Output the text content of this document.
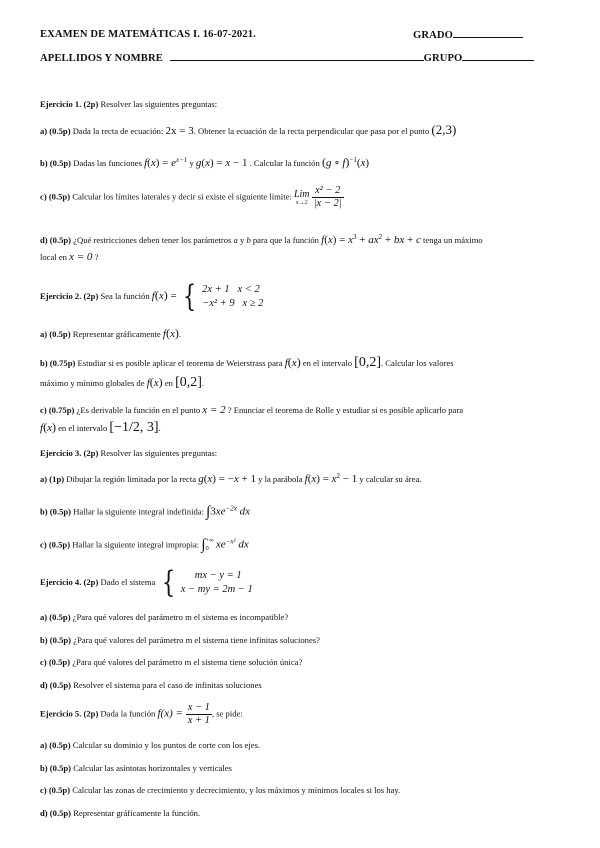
EXAMEN DE MATEMÁTICAS I. 16-07-2021.	GRADO
APELLIDOS Y NOMBRE	GRUPO
Ejercicio 1. (2p) Resolver las siguientes preguntas:
a) (0.5p) Dada la recta de ecuación: 2x = 3. Obtener la ecuación de la recta perpendicular que pasa por el punto (2,3)
b) (0.5p) Dadas las funciones $f(x) = e^{x-1}$ y g(x) = x − 1 . Calcular la función (g ∘ f)$^{-1}$(x)
c) (0.5p) Calcular los límites laterales y decir si existe el siguiente límite: Lim
x→2
$\frac{\text{x² − 2}}{|x - 2|}$
d) (0.5p) ¿Qué restricciones deben tener los parámetros a y b para que la función $f(x) = x^3 + ax^2$ + bx + c tenga un máximo
local en x = 0 ?
Ejercicio 2. (2p) Sea la función f(x) = { 2x + 1 x < 2
−x² + 9 x ≥ 2
a) (0.5p) Representar gráficamente f(x).
b) (0.75p) Estudiar si es posible aplicar el teorema de Weierstrass para f(x) en el intervalo [0,2]. Calcular los valores
máximo y mínimo globales de f(x) en [0,2].
c) (0.75p) ¿Es derivable la función en el punto x = 2 ? Enunciar el teorema de Rolle y estudiar si es posible aplicarlo para
f(x) en el intervalo [−1/2, 3].
Ejercicio 3. (2p) Resolver las siguientes preguntas:
a) (1p) Dibujar la región limitada por la recta g(x) = −x + 1 y la parábola $f(x) = x^2 - 1$ y calcular su área.
b) (0.5p) Hallar la siguiente integral indefinida: $\int 3xe^{-2x}$ dx
c) (0.5p) Hallar la siguiente integral impropia: ∫ +∞
0 $xe^{-x^2}$ dx
Ejercicio 4. (2p) Dado el sistema {	mx − y = 1
x − my = 2m − 1
a) (0.5p) ¿Para qué valores del parámetro m el sistema es incompatible?
b) (0.5p) ¿Para qué valores del parámetro m el sistema tiene infinitas soluciones?
c) (0.5p) ¿Para qué valores del parámetro m el sistema tiene solución única?
d) (0.5p) Resolver el sistema para el caso de infinitas soluciones
Ejercicio 5. (2p) Dada la función $f(x) = \frac{x - 1}{x + 1}$ , se pide:
a) (0.5p) Calcular su dominio y los puntos de corte con los ejes.
b) (0.5p) Calcular las asíntotas horizontales y verticales
c) (0.5p) Calcular las zonas de crecimiento y decrecimiento, y los máximos y mínimos locales si los hay.
d) (0.5p) Representar gráficamente la función.
